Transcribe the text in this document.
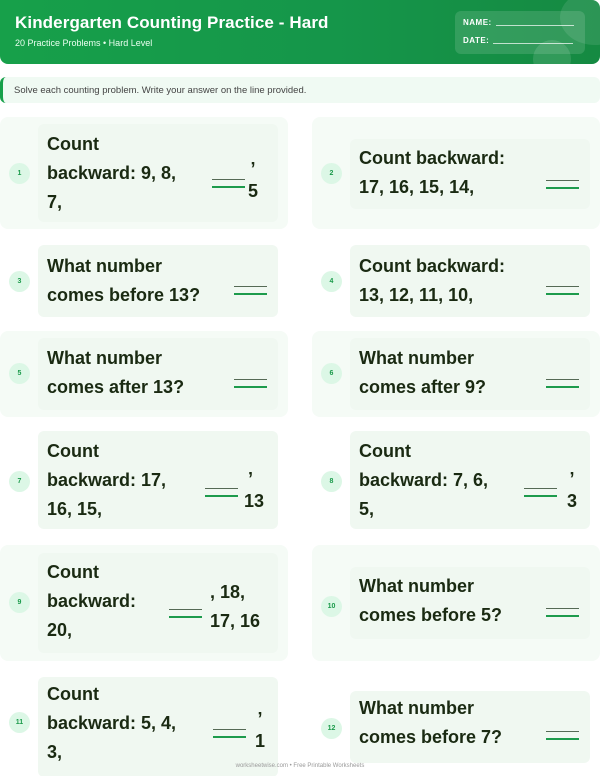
Kindergarten Counting Practice - Hard
20 Practice Problems • Hard Level
NAME:
DATE:
Solve each counting problem. Write your answer on the line provided.
1
Count
backward: 9, 8,
7,
’
5
2
Count backward:
17, 16, 15, 14,
3
What number
comes before 13?
4
Count backward:
13, 12, 11, 10,
5
What number
comes after 13?
6
What number
comes after 9?
7
Count
backward: 17,
16, 15,
’
13
8
Count
backward: 7, 6,
5,
’
3
9
Count
backward:
20,
, 18,
17, 16
10
What number
comes before 5?
11
Count
backward: 5, 4,
3,
’
1
12
What number
comes before 7?
worksheetwise.com • Free Printable Worksheets
